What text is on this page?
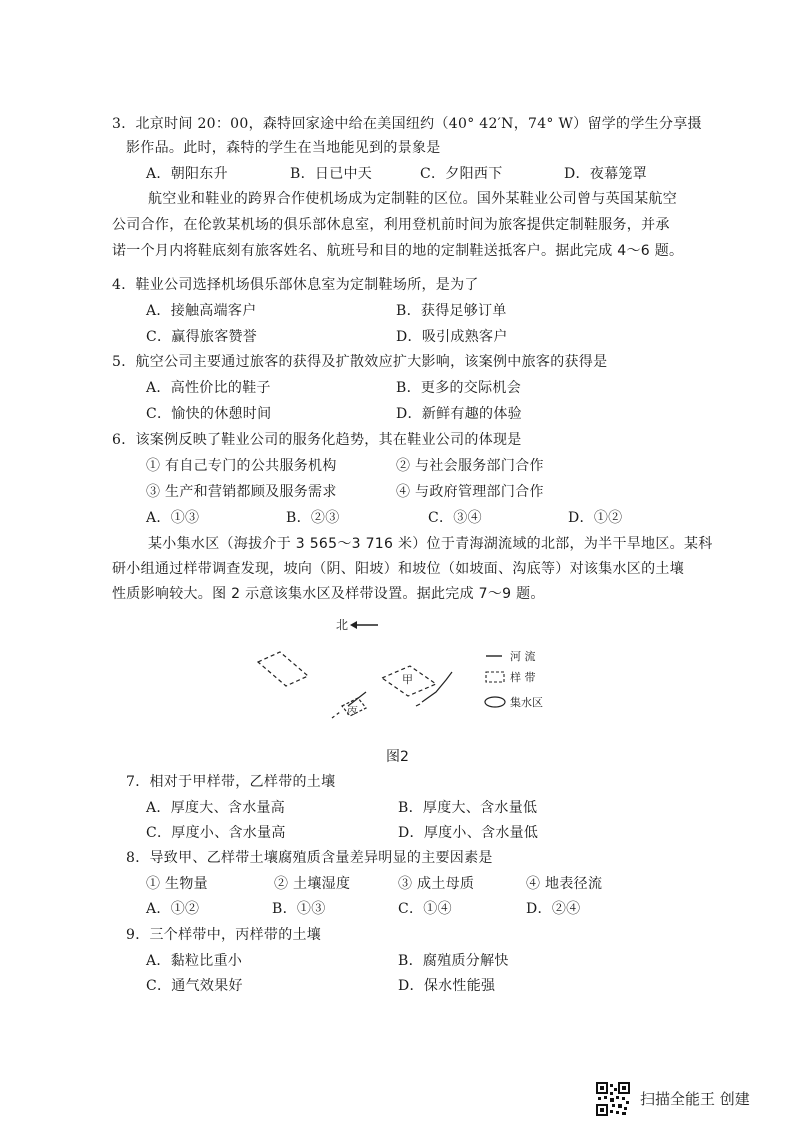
3．北京时间 20：00，森特回家途中给在美国纽约（40° 42′N，74° W）留学的学生分享摄
影作品。此时，森特的学生在当地能见到的景象是
A．朝阳东升	B．日已中天	C．夕阳西下	D．夜幕笼罩
航空业和鞋业的跨界合作使机场成为定制鞋的区位。国外某鞋业公司曾与英国某航空
公司合作，在伦敦某机场的俱乐部休息室，利用登机前时间为旅客提供定制鞋服务，并承
诺一个月内将鞋底刻有旅客姓名、航班号和目的地的定制鞋送抵客户。据此完成 4～6 题。
4．鞋业公司选择机场俱乐部休息室为定制鞋场所，是为了
A．接触高端客户	B．获得足够订单
C．赢得旅客赞誉	D．吸引成熟客户
5．航空公司主要通过旅客的获得及扩散效应扩大影响，该案例中旅客的获得是
A．高性价比的鞋子	B．更多的交际机会
C．愉快的休憩时间	D．新鲜有趣的体验
6．该案例反映了鞋业公司的服务化趋势，其在鞋业公司的体现是
① 有自己专门的公共服务机构	② 与社会服务部门合作
③ 生产和营销都顾及服务需求	④ 与政府管理部门合作
A．①③	B．②③	C．③④	D．①②
某小集水区（海拔介于 3 565～3 716 米）位于青海湖流域的北部，为半干旱地区。某科
研小组通过样带调查发现，坡向（阴、阳坡）和坡位（如坡面、沟底等）对该集水区的土壤
性质影响较大。图 2 示意该集水区及样带设置。据此完成 7～9 题。
北
甲
丙
河 流
样 带
集水区
图2
7．相对于甲样带，乙样带的土壤
A．厚度大、含水量高	B．厚度大、含水量低
C．厚度小、含水量高	D．厚度小、含水量低
8．导致甲、乙样带土壤腐殖质含量差异明显的主要因素是
① 生物量	② 土壤湿度	③ 成土母质	④ 地表径流
A．①②	B．①③	C．①④	D．②④
9．三个样带中，丙样带的土壤
A．黏粒比重小	B．腐殖质分解快
C．通气效果好	D．保水性能强
扫描全能王 创建
